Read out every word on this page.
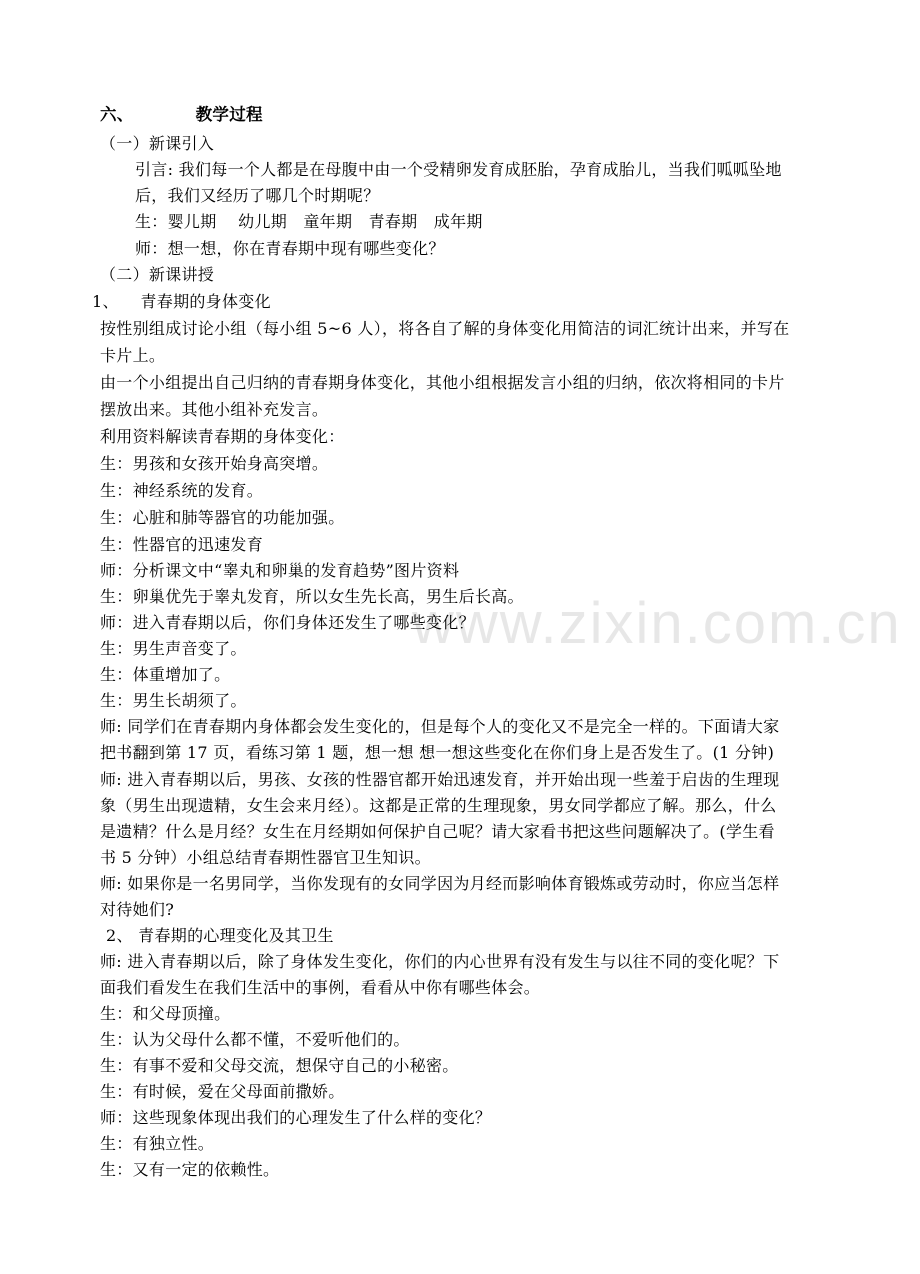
www.zixin.com.cn
六、	教学过程
（一）新课引入
引言: 我们每一个人都是在母腹中由一个受精卵发育成胚胎，孕育成胎儿，当我们呱呱坠地
后，我们又经历了哪几个时期呢？
生：婴儿期 　幼儿期　童年期　青春期　成年期
师：想一想，你在青春期中现有哪些变化？
（二）新课讲授
1、 　青春期的身体变化
按性别组成讨论小组（每小组 5~6 人），将各自了解的身体变化用简洁的词汇统计出来，并写在
卡片上。
由一个小组提出自己归纳的青春期身体变化，其他小组根据发言小组的归纳，依次将相同的卡片
摆放出来。其他小组补充发言。
利用资料解读青春期的身体变化：
生：男孩和女孩开始身高突增。
生：神经系统的发育。
生：心脏和肺等器官的功能加强。
生：性器官的迅速发育
师：分析课文中“睾丸和卵巢的发育趋势”图片资料
生：卵巢优先于睾丸发育，所以女生先长高，男生后长高。
师：进入青春期以后，你们身体还发生了哪些变化？
生：男生声音变了。
生：体重增加了。
生：男生长胡须了。
师: 同学们在青春期内身体都会发生变化的，但是每个人的变化又不是完全一样的。下面请大家
把书翻到第 17 页，看练习第 1 题，想一想 想一想这些变化在你们身上是否发生了。(1 分钟)
师: 进入青春期以后，男孩、女孩的性器官都开始迅速发育，并开始出现一些羞于启齿的生理现
象（男生出现遗精，女生会来月经）。这都是正常的生理现象，男女同学都应了解。那么，什么
是遗精？什么是月经？女生在月经期如何保护自己呢？请大家看书把这些问题解决了。(学生看
书 5 分钟）小组总结青春期性器官卫生知识。
师: 如果你是一名男同学，当你发现有的女同学因为月经而影响体育锻炼或劳动时，你应当怎样
对待她们?
2、 青春期的心理变化及其卫生
师: 进入青春期以后，除了身体发生变化，你们的内心世界有没有发生与以往不同的变化呢？下
面我们看发生在我们生活中的事例，看看从中你有哪些体会。
生：和父母顶撞。
生：认为父母什么都不懂，不爱听他们的。
生：有事不爱和父母交流，想保守自己的小秘密。
生：有时候，爱在父母面前撒娇。
师：这些现象体现出我们的心理发生了什么样的变化？
生：有独立性。
生：又有一定的依赖性。
